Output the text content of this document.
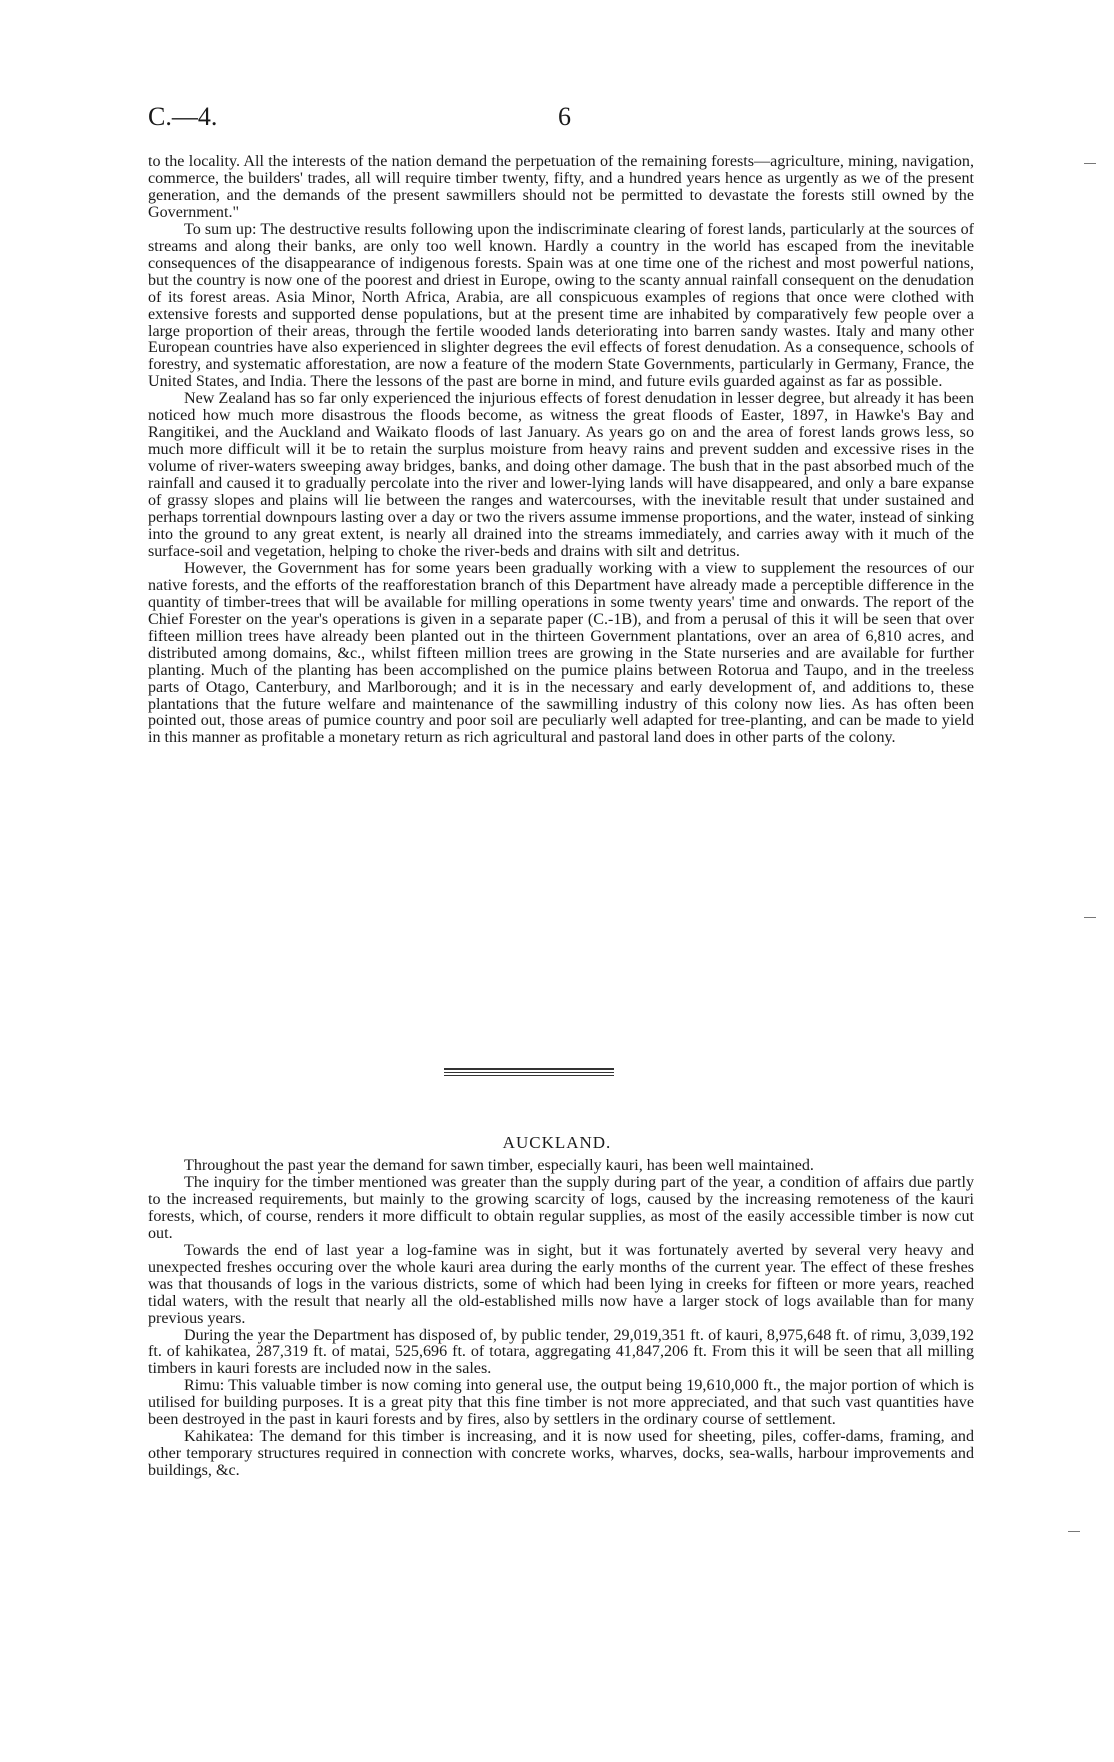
C.—4.	6

to the locality. All the interests of the nation demand the perpetuation of the remaining forests—agriculture, mining, navigation, commerce, the builders' trades, all will require timber twenty, fifty, and a hundred years hence as urgently as we of the present generation, and the demands of the present sawmillers should not be permitted to devastate the forests still owned by the Government."

To sum up: The destructive results following upon the indiscriminate clearing of forest lands, particularly at the sources of streams and along their banks, are only too well known. Hardly a country in the world has escaped from the inevitable consequences of the disappearance of indigenous forests. Spain was at one time one of the richest and most powerful nations, but the country is now one of the poorest and driest in Europe, owing to the scanty annual rainfall consequent on the denudation of its forest areas. Asia Minor, North Africa, Arabia, are all conspicuous examples of regions that once were clothed with extensive forests and supported dense populations, but at the present time are inhabited by comparatively few people over a large proportion of their areas, through the fertile wooded lands deteriorating into barren sandy wastes. Italy and many other European countries have also experienced in slighter degrees the evil effects of forest denudation. As a consequence, schools of forestry, and systematic afforestation, are now a feature of the modern State Governments, particularly in Germany, France, the United States, and India. There the lessons of the past are borne in mind, and future evils guarded against as far as possible.

New Zealand has so far only experienced the injurious effects of forest denudation in lesser degree, but already it has been noticed how much more disastrous the floods become, as witness the great floods of Easter, 1897, in Hawke's Bay and Rangitikei, and the Auckland and Waikato floods of last January. As years go on and the area of forest lands grows less, so much more difficult will it be to retain the surplus moisture from heavy rains and prevent sudden and excessive rises in the volume of river-waters sweeping away bridges, banks, and doing other damage. The bush that in the past absorbed much of the rainfall and caused it to gradually percolate into the river and lower-lying lands will have disappeared, and only a bare expanse of grassy slopes and plains will lie between the ranges and watercourses, with the inevitable result that under sustained and perhaps torrential downpours lasting over a day or two the rivers assume immense proportions, and the water, instead of sinking into the ground to any great extent, is nearly all drained into the streams immediately, and carries away with it much of the surface-soil and vegetation, helping to choke the river-beds and drains with silt and detritus.

However, the Government has for some years been gradually working with a view to supplement the resources of our native forests, and the efforts of the reafforestation branch of this Department have already made a perceptible difference in the quantity of timber-trees that will be available for milling operations in some twenty years' time and onwards. The report of the Chief Forester on the year's operations is given in a separate paper (C.-1B), and from a perusal of this it will be seen that over fifteen million trees have already been planted out in the thirteen Government plantations, over an area of 6,810 acres, and distributed among domains, &c., whilst fifteen million trees are growing in the State nurseries and are available for further planting. Much of the planting has been accomplished on the pumice plains between Rotorua and Taupo, and in the treeless parts of Otago, Canterbury, and Marlborough; and it is in the necessary and early development of, and additions to, these plantations that the future welfare and maintenance of the sawmilling industry of this colony now lies. As has often been pointed out, those areas of pumice country and poor soil are peculiarly well adapted for tree-planting, and can be made to yield in this manner as profitable a monetary return as rich agricultural and pastoral land does in other parts of the colony.

AUCKLAND.

Throughout the past year the demand for sawn timber, especially kauri, has been well maintained.

The inquiry for the timber mentioned was greater than the supply during part of the year, a condition of affairs due partly to the increased requirements, but mainly to the growing scarcity of logs, caused by the increasing remoteness of the kauri forests, which, of course, renders it more difficult to obtain regular supplies, as most of the easily accessible timber is now cut out.

Towards the end of last year a log-famine was in sight, but it was fortunately averted by several very heavy and unexpected freshes occuring over the whole kauri area during the early months of the current year. The effect of these freshes was that thousands of logs in the various districts, some of which had been lying in creeks for fifteen or more years, reached tidal waters, with the result that nearly all the old-established mills now have a larger stock of logs available than for many previous years.

During the year the Department has disposed of, by public tender, 29,019,351 ft. of kauri, 8,975,648 ft. of rimu, 3,039,192 ft. of kahikatea, 287,319 ft. of matai, 525,696 ft. of totara, aggregating 41,847,206 ft. From this it will be seen that all milling timbers in kauri forests are included now in the sales.

Rimu: This valuable timber is now coming into general use, the output being 19,610,000 ft., the major portion of which is utilised for building purposes. It is a great pity that this fine timber is not more appreciated, and that such vast quantities have been destroyed in the past in kauri forests and by fires, also by settlers in the ordinary course of settlement.

Kahikatea: The demand for this timber is increasing, and it is now used for sheeting, piles, coffer-dams, framing, and other temporary structures required in connection with concrete works, wharves, docks, sea-walls, harbour improvements and buildings, &c.
